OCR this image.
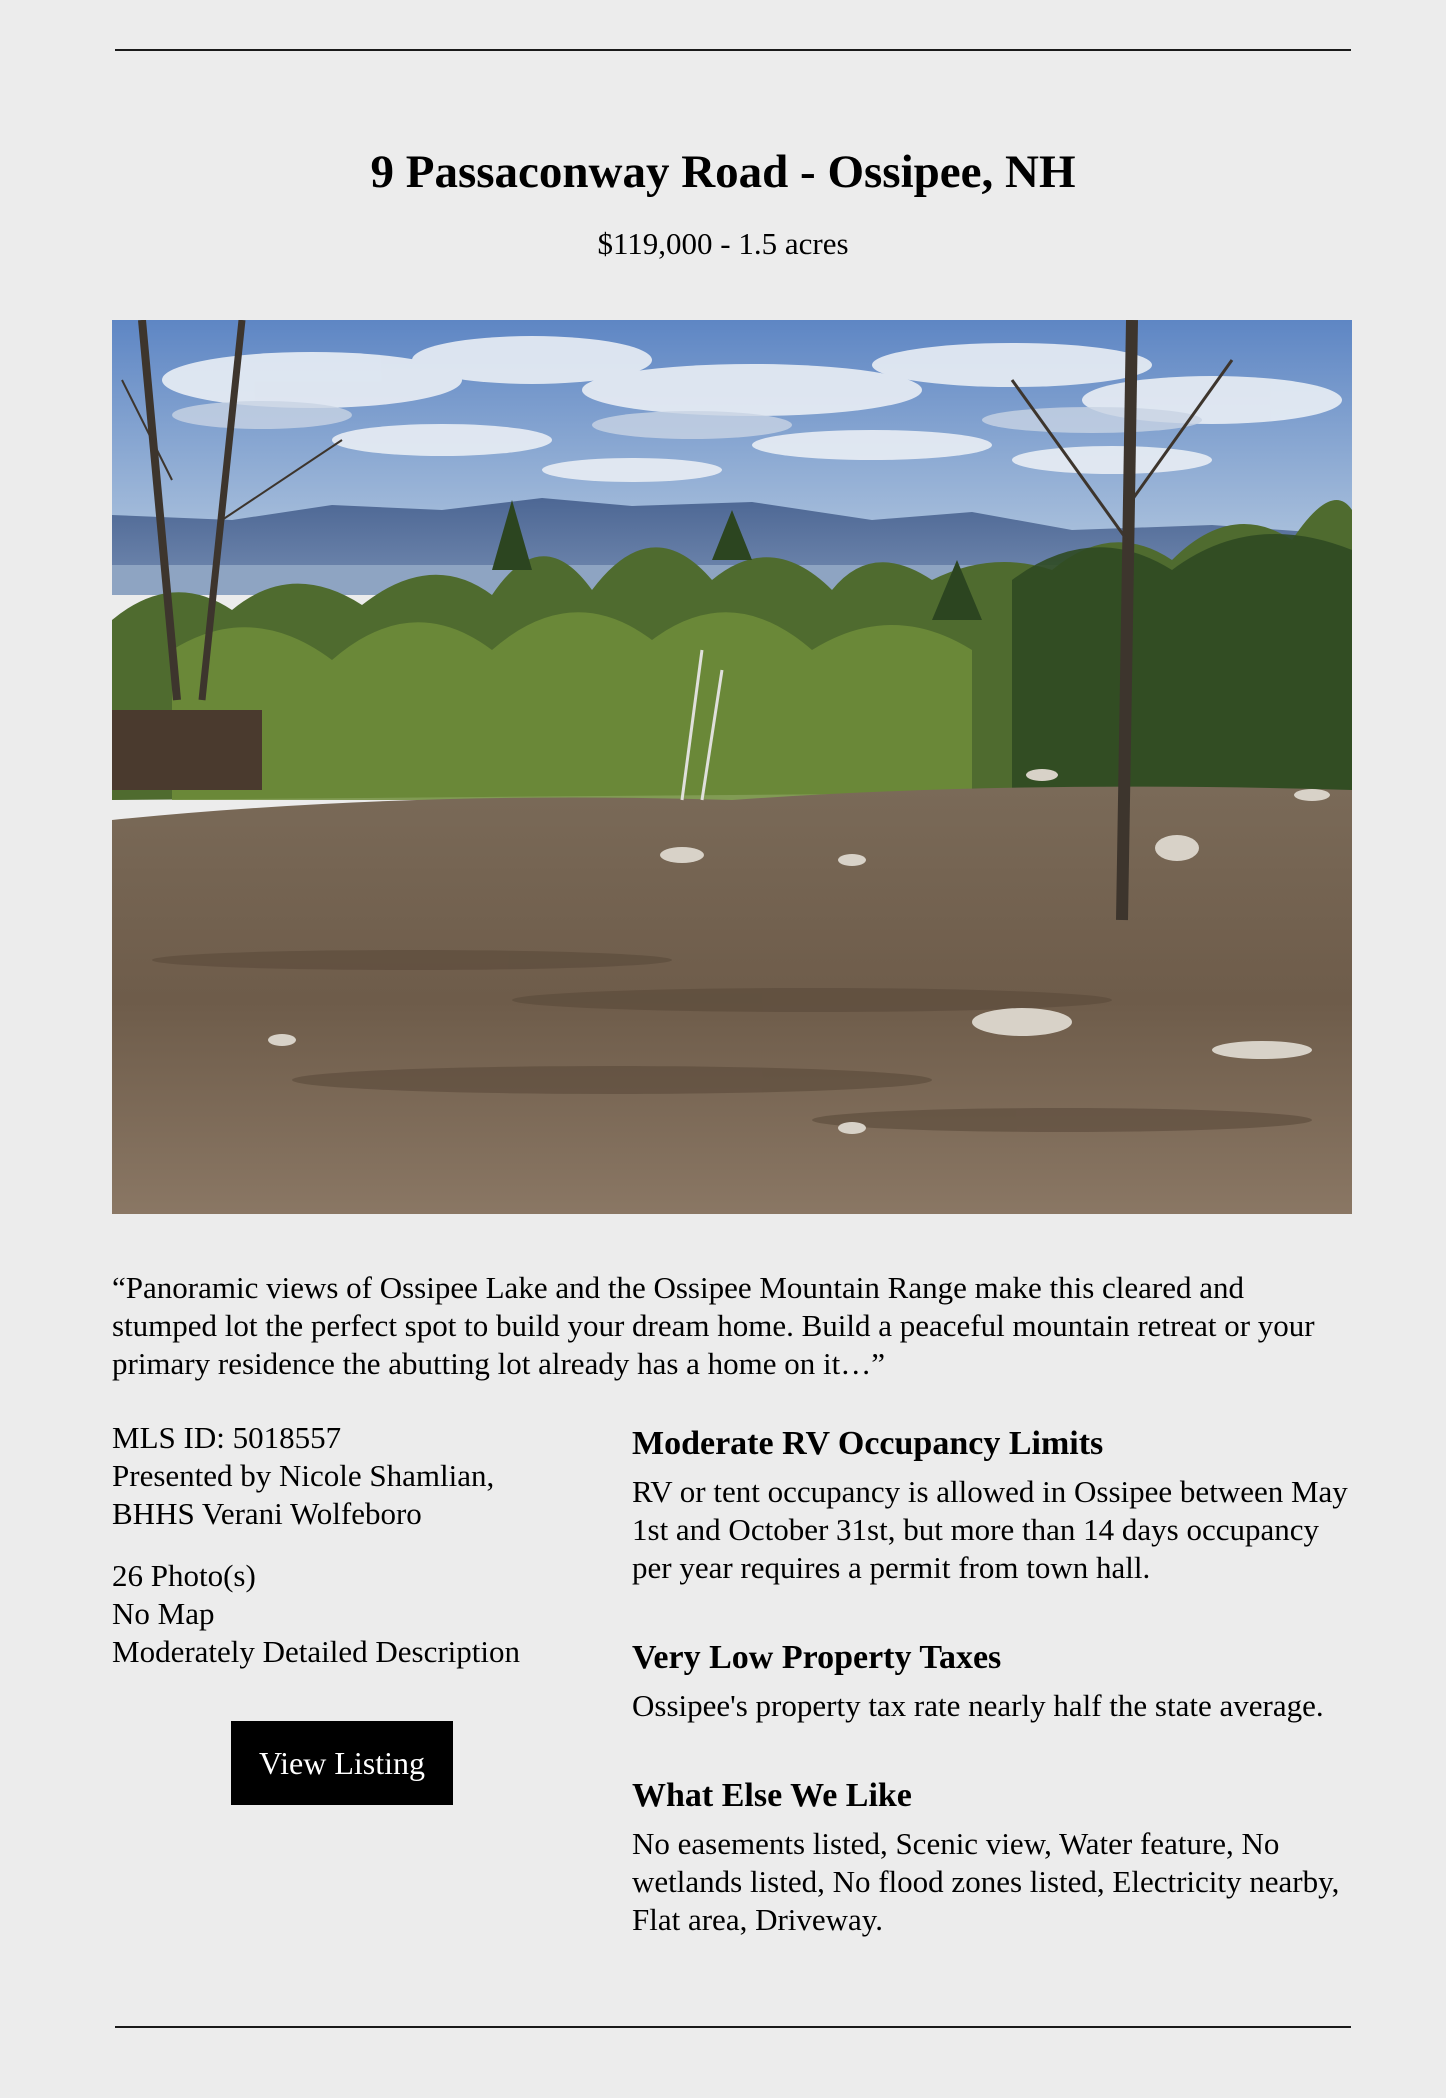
9 Passaconway Road - Ossipee, NH
$119,000 - 1.5 acres
“Panoramic views of Ossipee Lake and the Ossipee Mountain Range make this cleared and stumped lot the perfect spot to build your dream home. Build a peaceful mountain retreat or your primary residence the abutting lot already has a home on it…”
MLS ID: 5018557
Presented by Nicole Shamlian,
BHHS Verani Wolfeboro
26 Photo(s)
No Map
Moderately Detailed Description
View Listing
Moderate RV Occupancy Limits

RV or tent occupancy is allowed in Ossipee between May 1st and October 31st, but more than 14 days occupancy per year requires a permit from town hall.

Very Low Property Taxes

Ossipee's property tax rate nearly half the state average.

What Else We Like

No easements listed, Scenic view, Water feature, No wetlands listed, No flood zones listed, Electricity nearby, Flat area, Driveway.
